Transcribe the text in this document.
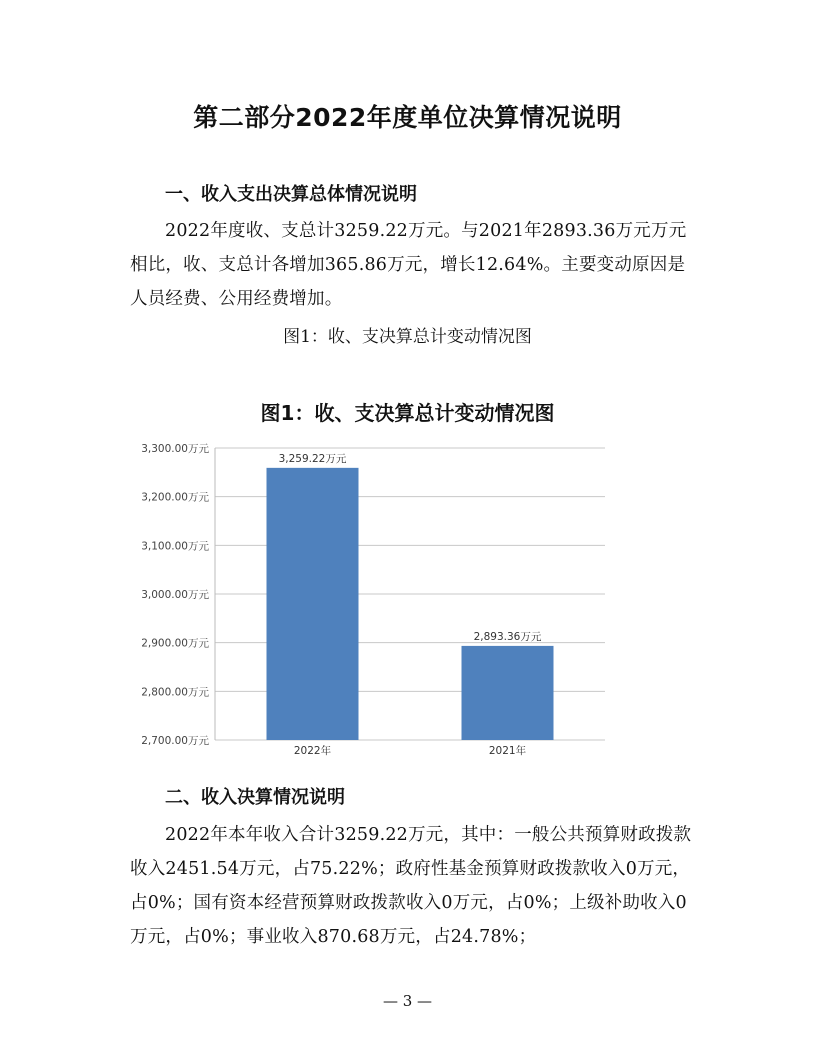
第二部分2022年度单位决算情况说明
一、收入支出决算总体情况说明

2022年度收、支总计3259.22万元。与2021年2893.36万元万元相比，收、支总计各增加365.86万元，增长12.64%。主要变动原因是人员经费、公用经费增加。

图1：收、支决算总计变动情况图
图1：收、支决算总计变动情况图
2,700.00万元
2,800.00万元
2,900.00万元
3,000.00万元
3,100.00万元
3,200.00万元
3,300.00万元
3,259.22万元
2,893.36万元
2022年	2021年
二、收入决算情况说明

2022年本年收入合计3259.22万元，其中：一般公共预算财政拨款收入2451.54万元，占75.22%；政府性基金预算财政拨款收入0万元，占0%；国有资本经营预算财政拨款收入0万元，占0%；上级补助收入0万元，占0%；事业收入870.68万元，占24.78%；

— 3 —
